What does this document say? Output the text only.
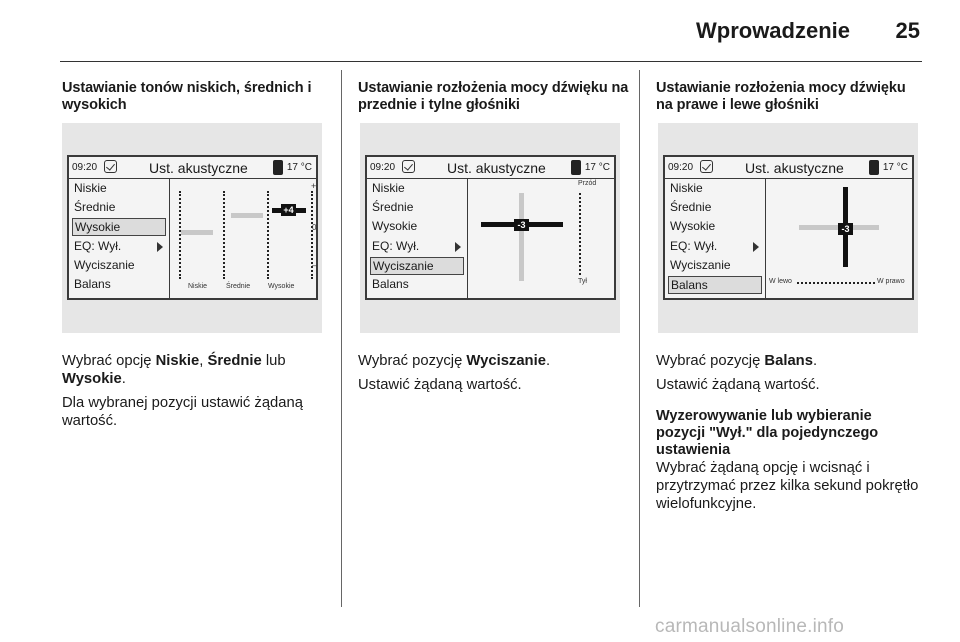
Wprowadzenie 25
Ustawianie tonów niskich, średnich i wysokich
09:20	Ust. akustyczne	17 °C
Niskie
Średnie
Wysokie
EQ: Wył.
Wyciszanie
Balans
+4
+
0
–
Niskie	Średnie	Wysokie

Wybrać opcję Niskie, Średnie lub
Wysokie.

Dla wybranej pozycji ustawić żądaną wartość.

Ustawianie rozłożenia mocy dźwięku na przednie i tylne głośniki
09:20	Ust. akustyczne	17 °C
Niskie
Średnie
Wysokie
EQ: Wył.
Wyciszanie
Balans
-3
Przód
Tył

Wybrać pozycję Wyciszanie.

Ustawić żądaną wartość.

Ustawianie rozłożenia mocy dźwięku na prawe i lewe głośniki
09:20	Ust. akustyczne	17 °C
Niskie
Średnie
Wysokie
EQ: Wył.
Wyciszanie
Balans
-3
W lewo	W prawo

Wybrać pozycję Balans.

Ustawić żądaną wartość.

Wyzerowywanie lub wybieranie pozycji "Wył." dla pojedynczego ustawienia

Wybrać żądaną opcję i wcisnąć i przytrzymać przez kilka sekund pokrętło wielofunkcyjne.

carmanualsonline.info
